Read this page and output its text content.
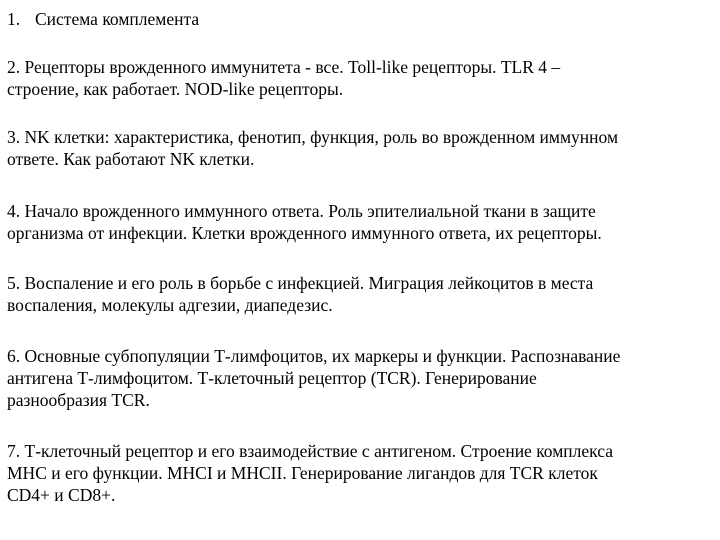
1. Система комплемента
2. Рецепторы врожденного иммунитета - все. Toll-like рецепторы. TLR 4 –
строение, как работает. NOD-like рецепторы.
3. NK клетки: характеристика, фенотип, функция, роль во врожденном иммунном
ответе. Как работают NK клетки.
4. Начало врожденного иммунного ответа. Роль эпителиальной ткани в защите
организма от инфекции. Клетки врожденного иммунного ответа, их рецепторы.
5. Воспаление и его роль в борьбе с инфекцией. Миграция лейкоцитов в места
воспаления, молекулы адгезии, диапедезис.
6. Основные субпопуляции Т-лимфоцитов, их маркеры и функции. Распознавание
антигена Т-лимфоцитом. Т-клеточный рецептор (TCR). Генерирование
разнообразия TCR.
7. Т-клеточный рецептор и его взаимодействие с антигеном. Строение комплекса
MHC и его функции. MHCI и MHCII. Генерирование лигандов для TCR клеток
CD4+ и CD8+.
